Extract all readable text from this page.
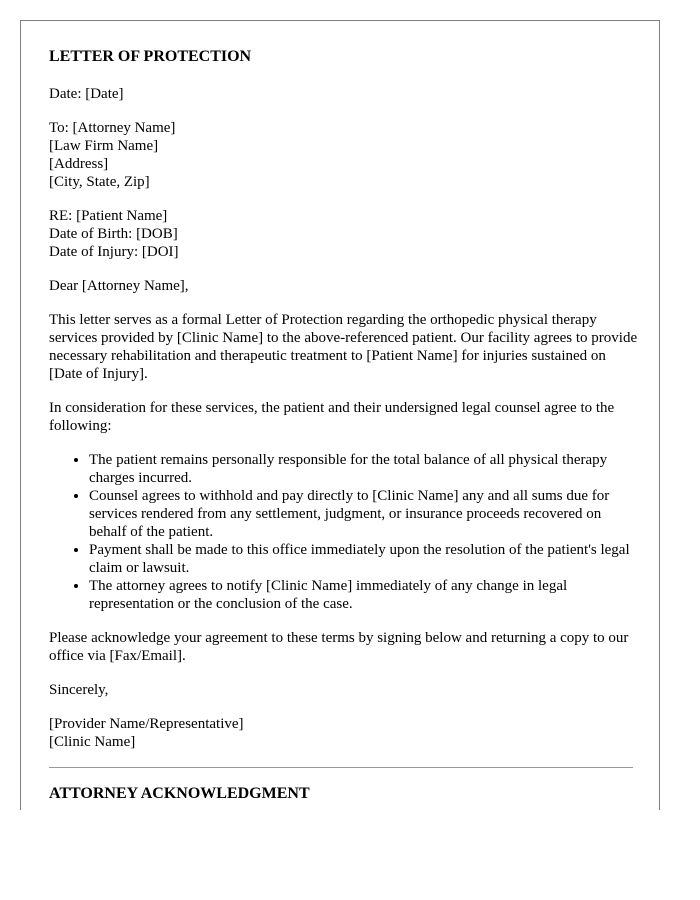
LETTER OF PROTECTION

Date: [Date]

To: [Attorney Name]
[Law Firm Name]
[Address]
[City, State, Zip]
RE: [Patient Name]
Date of Birth: [DOB]
Date of Injury: [DOI]

Dear [Attorney Name],

This letter serves as a formal Letter of Protection regarding the orthopedic physical therapy services provided by [Clinic Name] to the above-referenced patient. Our facility agrees to provide necessary rehabilitation and therapeutic treatment to [Patient Name] for injuries sustained on [Date of Injury].

In consideration for these services, the patient and their undersigned legal counsel agree to the following:

• The patient remains personally responsible for the total balance of all physical therapy charges incurred.
• Counsel agrees to withhold and pay directly to [Clinic Name] any and all sums due for services rendered from any settlement, judgment, or insurance proceeds recovered on behalf of the patient.
• Payment shall be made to this office immediately upon the resolution of the patient's legal claim or lawsuit.
• The attorney agrees to notify [Clinic Name] immediately of any change in legal representation or the conclusion of the case.

Please acknowledge your agreement to these terms by signing below and returning a copy to our office via [Fax/Email].

Sincerely,

[Provider Name/Representative]
[Clinic Name]
ATTORNEY ACKNOWLEDGMENT
